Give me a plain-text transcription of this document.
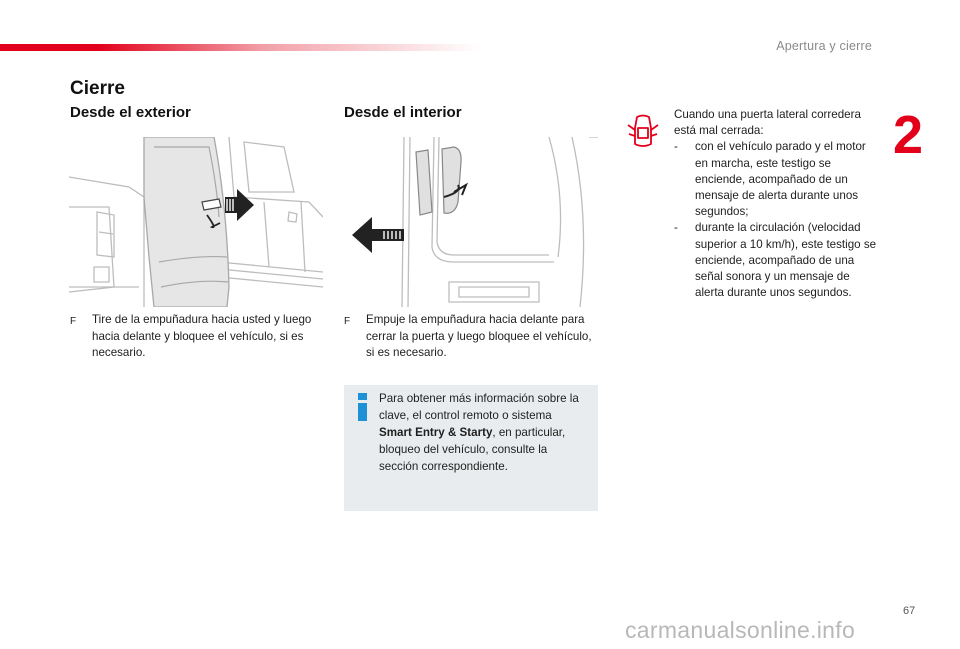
Apertura y cierre
2
Cierre
Desde el exterior
F	Tire de la empuñadura hacia usted y luego hacia delante y bloquee el vehículo, si es necesario.
Desde el interior
F	Empuje la empuñadura hacia delante para cerrar la puerta y luego bloquee el vehículo, si es necesario.
Para obtener más información sobre la clave, el control remoto o sistema Smart Entry & Starty, en particular, bloqueo del vehículo, consulte la sección correspondiente.
Cuando una puerta lateral corredera está mal cerrada:
-	con el vehículo parado y el motor en marcha, este testigo se enciende, acompañado de un mensaje de alerta durante unos segundos;
-	durante la circulación (velocidad superior a 10 km/h), este testigo se enciende, acompañado de una señal sonora y un mensaje de alerta durante unos segundos.
67
carmanualsonline.info
